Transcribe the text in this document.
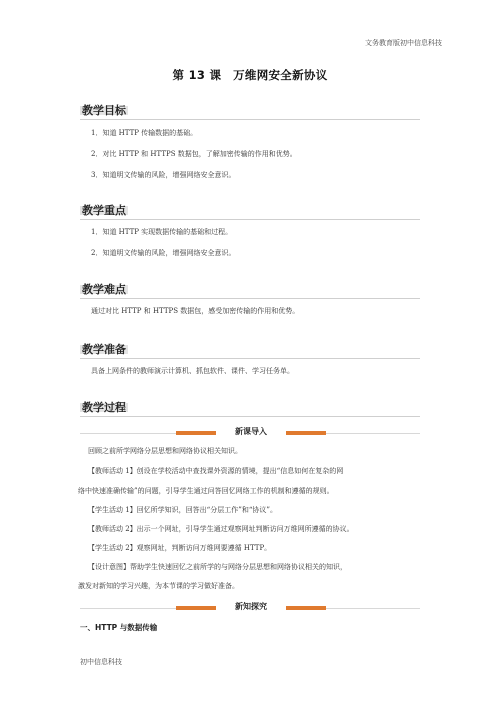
文务教育版初中信息科技
第 13 课　万维网安全新协议
教学目标
1．知道 HTTP 传输数据的基础。
2．对比 HTTP 和 HTTPS 数据包，了解加密传输的作用和优势。
3．知道明文传输的风险，增强网络安全意识。
教学重点
1．知道 HTTP 实现数据传输的基础和过程。
2．知道明文传输的风险，增强网络安全意识。
教学难点
通过对比 HTTP 和 HTTPS 数据包，感受加密传输的作用和优势。
教学准备
具备上网条件的教师演示计算机、抓包软件、课件、学习任务单。
教学过程
新课导入
回顾之前所学网络分层思想和网络协议相关知识。
【教师活动 1】创设在学校活动中查找课外资源的情境，提出“信息如何在复杂的网
络中快速准确传输”的问题，引导学生通过问答回忆网络工作的机制和遵循的规则。
【学生活动 1】回忆所学知识，回答出“分层工作”和“协议”。
【教师活动 2】出示一个网址，引导学生通过观察网址判断访问万维网所遵循的协议。
【学生活动 2】观察网址，判断访问万维网要遵循 HTTP。
【设计意图】帮助学生快速回忆之前所学的与网络分层思想和网络协议相关的知识，
激发对新知的学习兴趣，为本节课的学习做好准备。
新知探究
一、HTTP 与数据传输
初中信息科技
